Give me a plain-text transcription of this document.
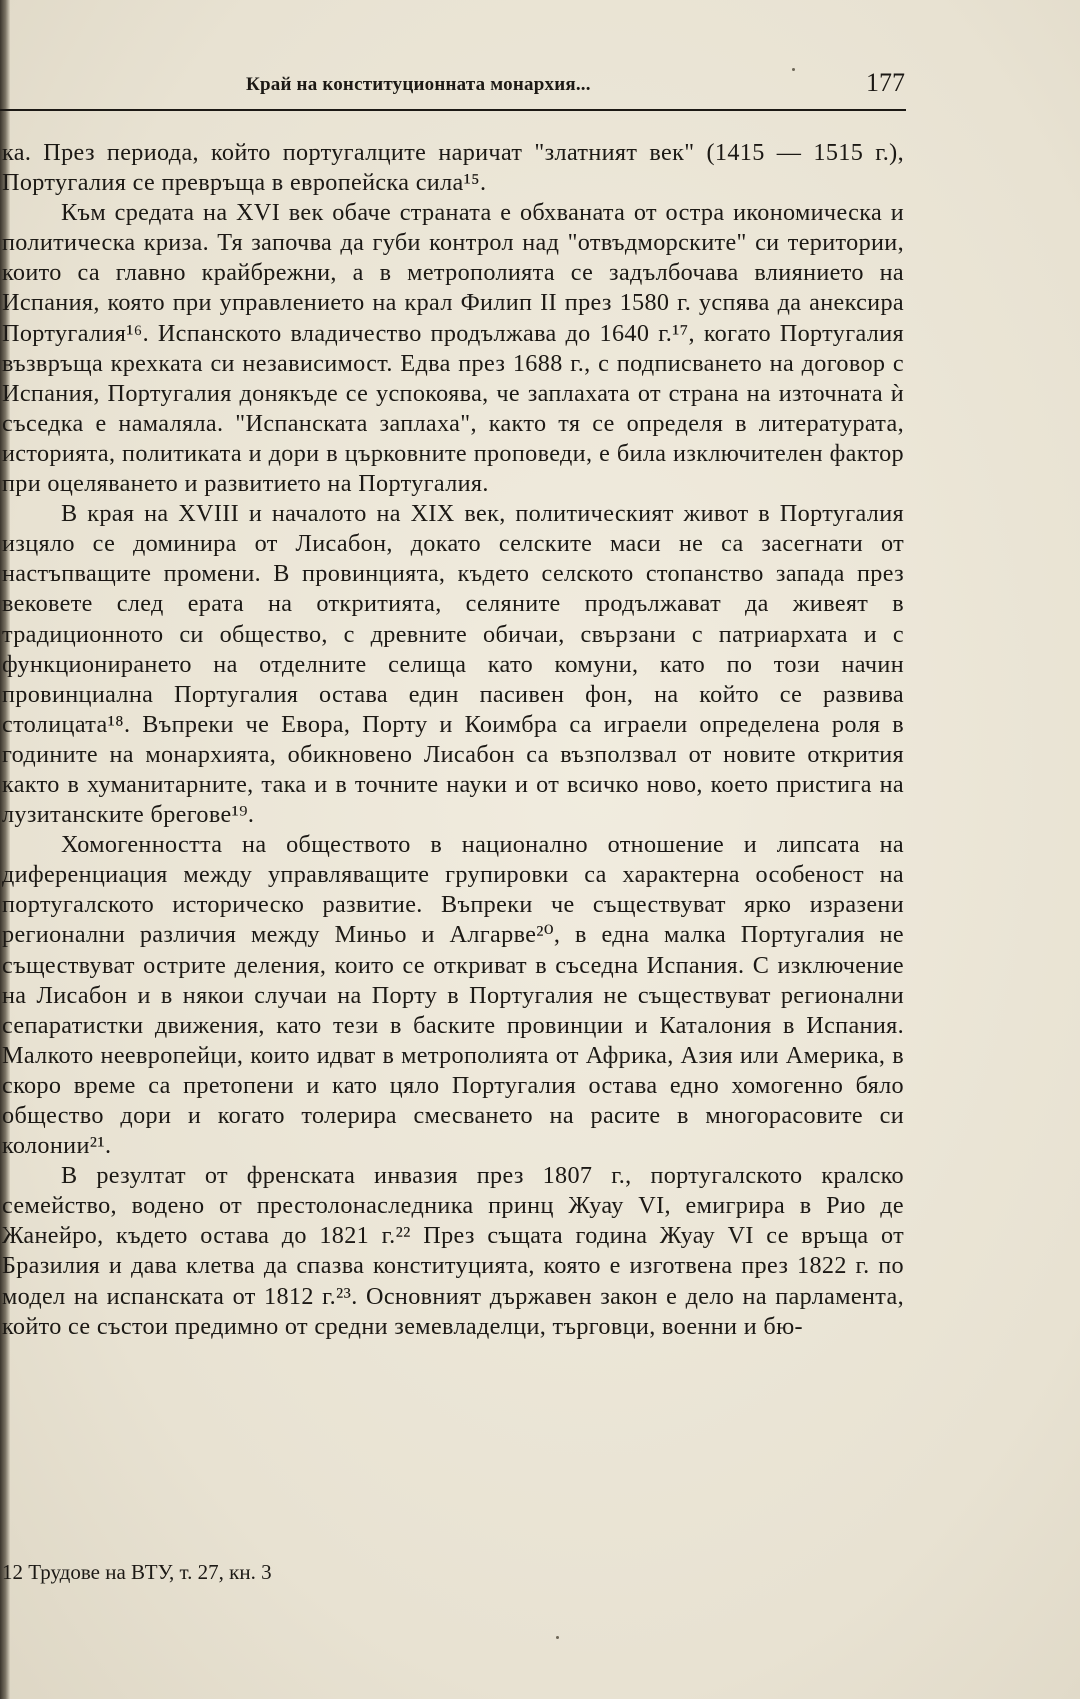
Край на конституционната монархия...	177

ка. През периода, който португалците наричат "златният век" (1415 — 1515 г.), Португалия се превръща в европейска сила¹⁵.

Към средата на XVI век обаче страната е обхваната от остра икономическа и политическа криза. Тя започва да губи контрол над "отвъдморските" си територии, които са главно крайбрежни, а в метрополията се задълбочава влиянието на Испания, която при управлението на крал Филип II през 1580 г. успява да анексира Португалия¹⁶. Испанското владичество продължава до 1640 г.¹⁷, когато Португалия възвръща крехката си независимост. Едва през 1688 г., с подписването на договор с Испания, Португалия донякъде се успокоява, че заплахата от страна на източната ѝ съседка е намаляла. "Испанската заплаха", както тя се определя в литературата, историята, политиката и дори в църковните проповеди, е била изключителен фактор при оцеляването и развитието на Португалия.

В края на XVIII и началото на XIX век, политическият живот в Португалия изцяло се доминира от Лисабон, докато селските маси не са засегнати от настъпващите промени. В провинцията, където селското стопанство запада през вековете след ерата на откритията, селяните продължават да живеят в традиционното си общество, с древните обичаи, свързани с патриархата и с функционирането на отделните селища като комуни, като по този начин провинциална Португалия остава един пасивен фон, на който се развива столицата¹⁸. Въпреки че Евора, Порту и Коимбра са играели определена роля в годините на монархията, обикновено Лисабон са възползвал от новите открития както в хуманитарните, така и в точните науки и от всичко ново, което пристига на лузитанските брегове¹⁹.

Хомогенността на обществото в национално отношение и липсата на диференциация между управляващите групировки са характерна особеност на португалското историческо развитие. Въпреки че съществуват ярко изразени регионални различия между Миньо и Алгарве²⁰, в една малка Португалия не съществуват острите деления, които се откриват в съседна Испания. С изключение на Лисабон и в някои случаи на Порту в Португалия не съществуват регионални сепаратистки движения, като тези в баските провинции и Каталония в Испания. Малкото неевропейци, които идват в метрополията от Африка, Азия или Америка, в скоро време са претопени и като цяло Португалия остава едно хомогенно бяло общество дори и когато толерира смесването на расите в многорасовите си колонии²¹.

В резултат от френската инвазия през 1807 г., португалското кралско семейство, водено от престолонаследника принц Жуау VI, емигрира в Рио де Жанейро, където остава до 1821 г.²² През същата година Жуау VI се връща от Бразилия и дава клетва да спазва конституцията, която е изготвена през 1822 г. по модел на испанската от 1812 г.²³. Основният държавен закон е дело на парламента, който се състои предимно от средни земевладелци, търговци, военни и бю-

12 Трудове на ВТУ, т. 27, кн. 3
